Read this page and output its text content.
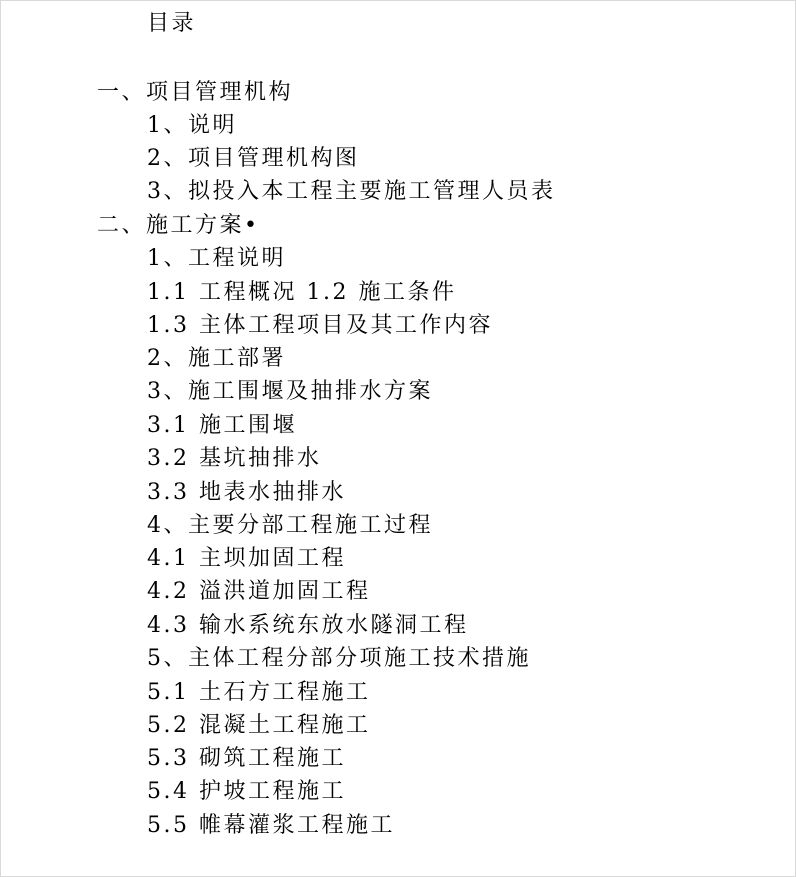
目录
一、项目管理机构
1、说明
2、项目管理机构图
3、拟投入本工程主要施工管理人员表
二、施工方案•
1、工程说明
1.1 工程概况 1.2 施工条件
1.3 主体工程项目及其工作内容
2、施工部署
3、施工围堰及抽排水方案
3.1 施工围堰
3.2 基坑抽排水
3.3 地表水抽排水
4、主要分部工程施工过程
4.1 主坝加固工程
4.2 溢洪道加固工程
4.3 输水系统东放水隧洞工程
5、主体工程分部分项施工技术措施
5.1 土石方工程施工
5.2 混凝土工程施工
5.3 砌筑工程施工
5.4 护坡工程施工
5.5 帷幕灌浆工程施工
